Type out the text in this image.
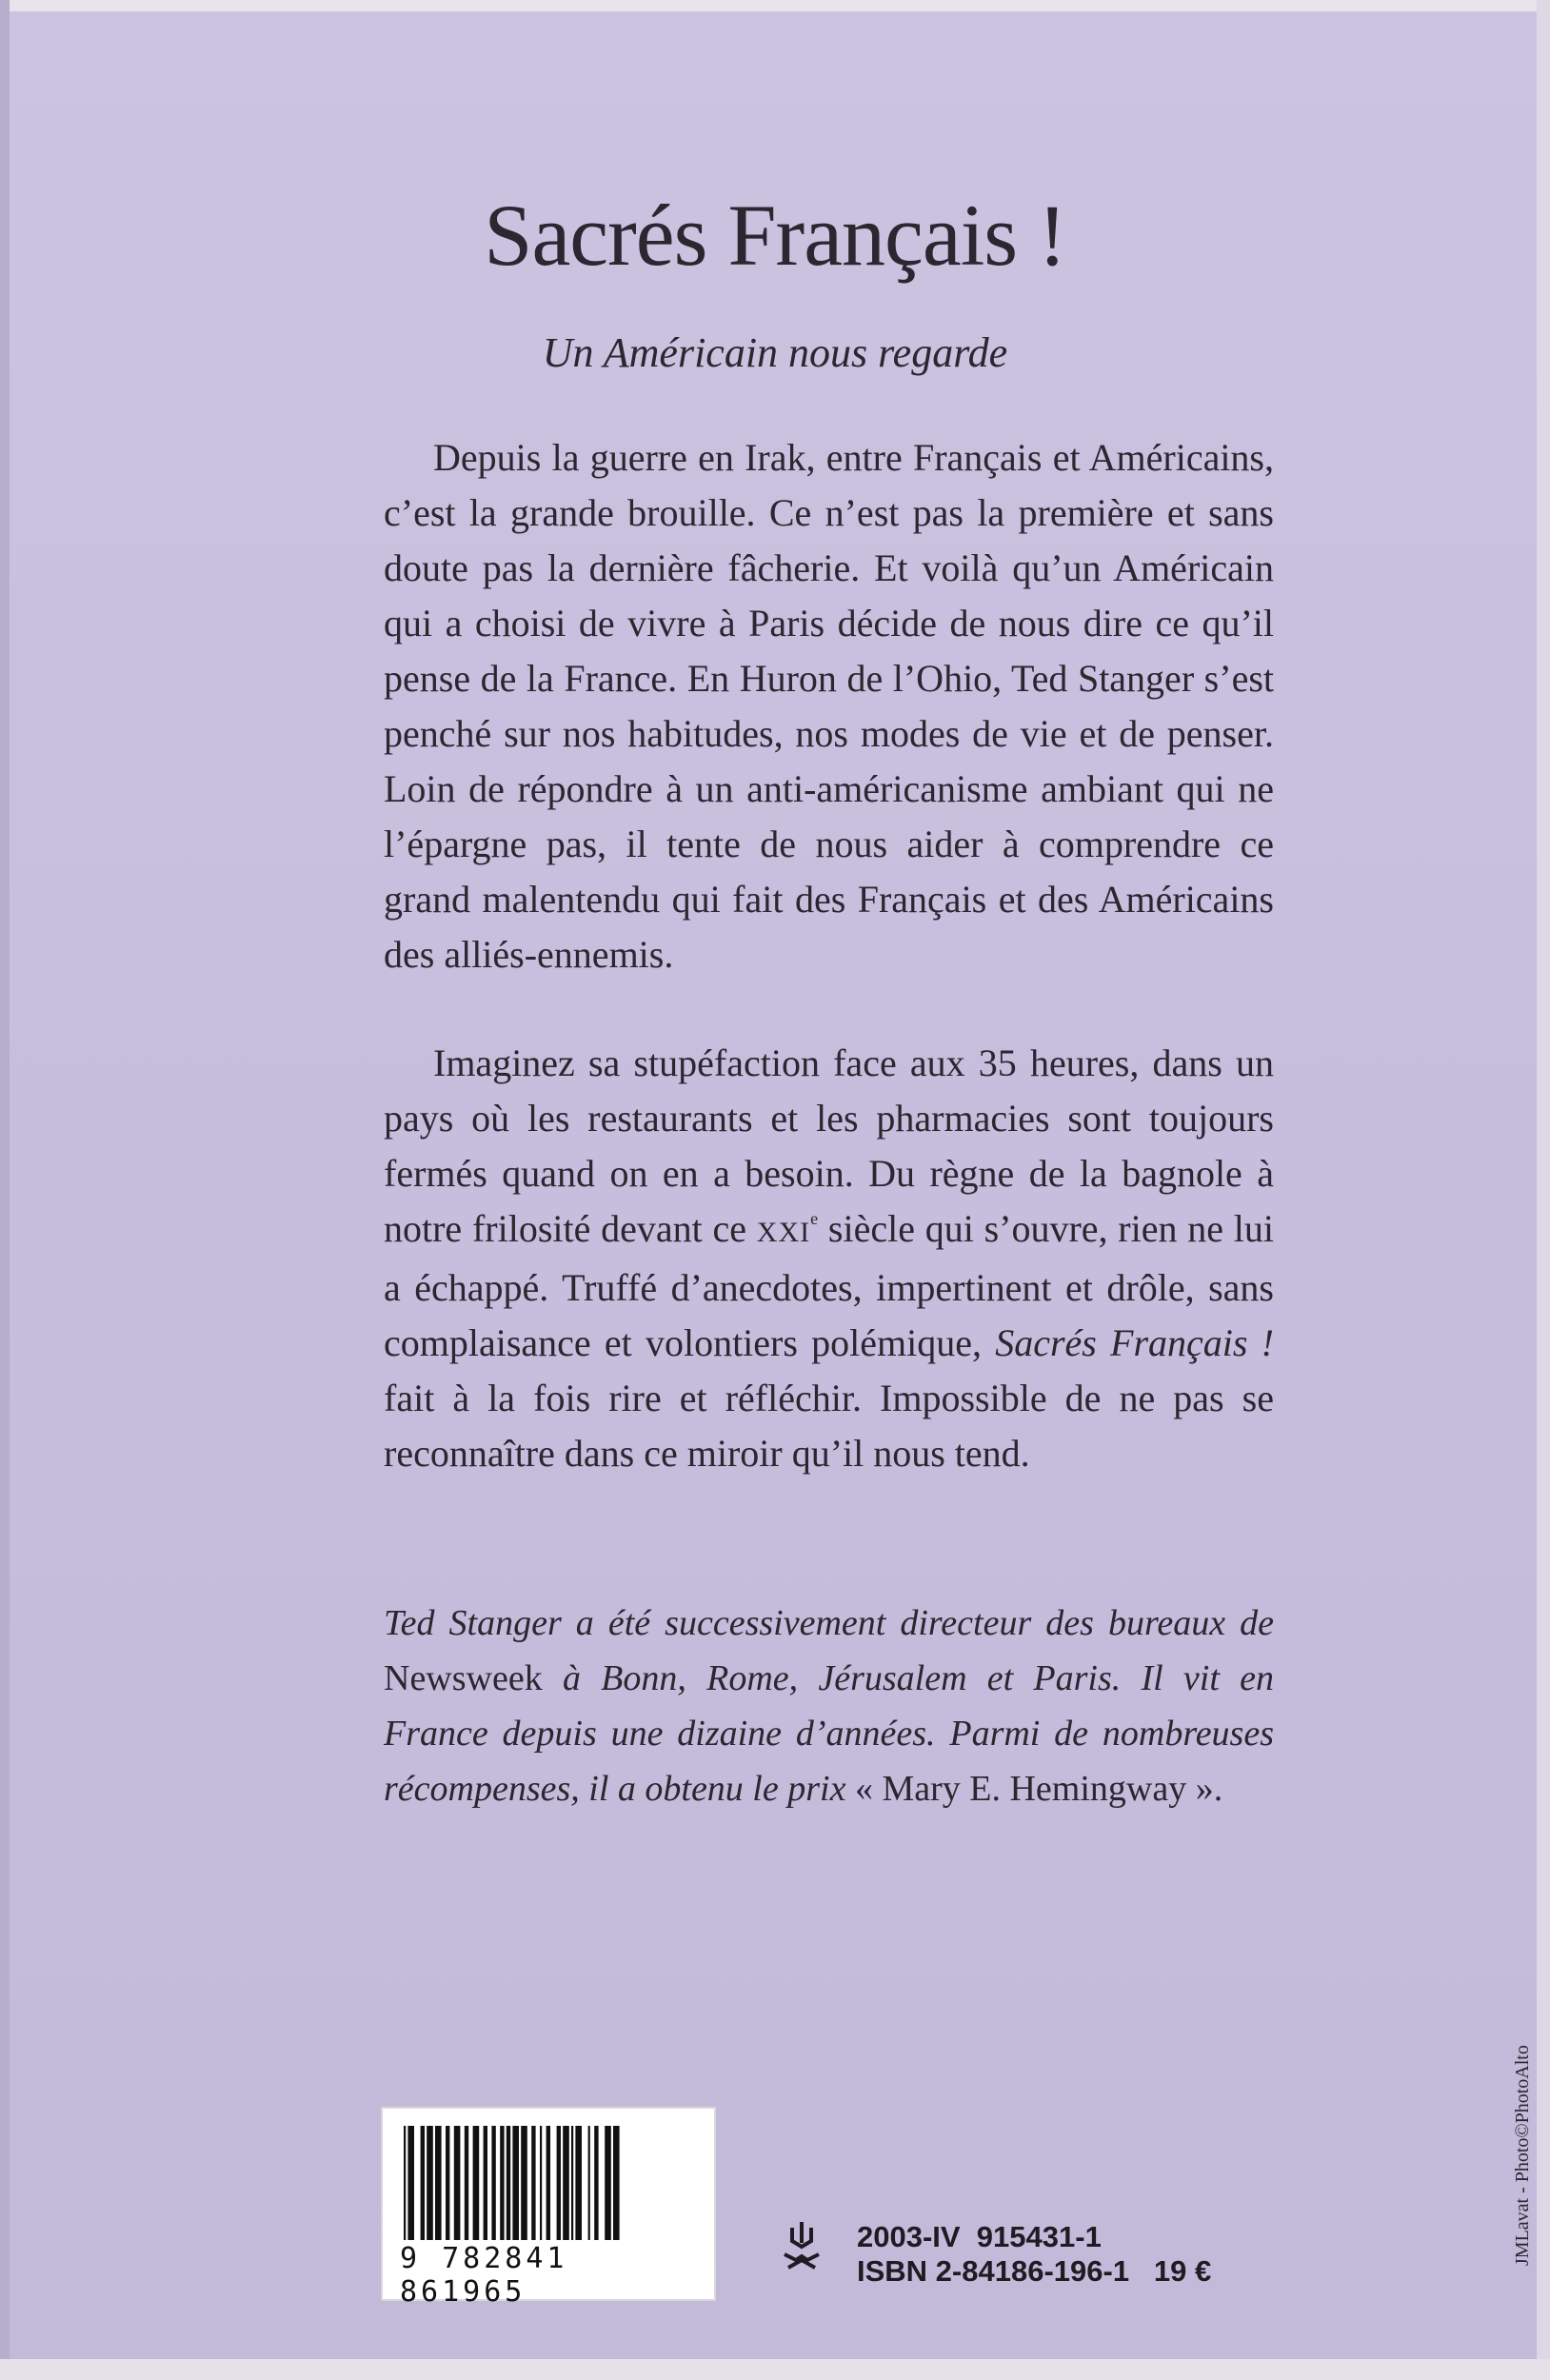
Sacrés Français !
Un Américain nous regarde

Depuis la guerre en Irak, entre Français et Américains, c’est la grande brouille. Ce n’est pas la première et sans doute pas la dernière fâcherie. Et voilà qu’un Américain qui a choisi de vivre à Paris décide de nous dire ce qu’il pense de la France. En Huron de l’Ohio, Ted Stanger s’est penché sur nos habitudes, nos modes de vie et de penser. Loin de répondre à un anti-américanisme ambiant qui ne l’épargne pas, il tente de nous aider à comprendre ce grand malentendu qui fait des Français et des Américains des alliés-ennemis.

Imaginez sa stupéfaction face aux 35 heures, dans un pays où les restaurants et les pharmacies sont toujours fermés quand on en a besoin. Du règne de la bagnole à notre frilosité devant ce XXIe siècle qui s’ouvre, rien ne lui a échappé. Truffé d’anecdotes, impertinent et drôle, sans complaisance et volontiers polémique, Sacrés Français ! fait à la fois rire et réfléchir. Impossible de ne pas se reconnaître dans ce miroir qu’il nous tend.

Ted Stanger a été successivement directeur des bureaux de Newsweek à Bonn, Rome, Jérusalem et Paris. Il vit en France depuis une dizaine d’années. Parmi de nombreuses récompenses, il a obtenu le prix « Mary E. Hemingway ».

9 782841 861965
2003-IV  915431-1
ISBN 2-84186-196-1   19 €
JMLavat - Photo©PhotoAlto
